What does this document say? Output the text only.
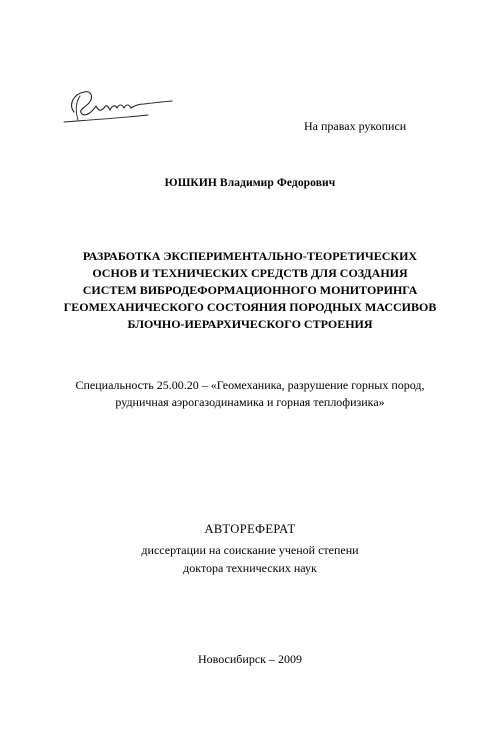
На правах рукописи
ЮШКИН Владимир Федорович
РАЗРАБОТКА ЭКСПЕРИМЕНТАЛЬНО-ТЕОРЕТИЧЕСКИХ
ОСНОВ И ТЕХНИЧЕСКИХ СРЕДСТВ ДЛЯ СОЗДАНИЯ
СИСТЕМ ВИБРОДЕФОРМАЦИОННОГО МОНИТОРИНГА
ГЕОМЕХАНИЧЕСКОГО СОСТОЯНИЯ ПОРОДНЫХ МАССИВОВ
БЛОЧНО-ИЕРАРХИЧЕСКОГО СТРОЕНИЯ
Специальность 25.00.20 – «Геомеханика, разрушение горных пород,
рудничная аэрогазодинамика и горная теплофизика»
АВТОРЕФЕРАТ
диссертации на соискание ученой степени
доктора технических наук
Новосибирск – 2009
